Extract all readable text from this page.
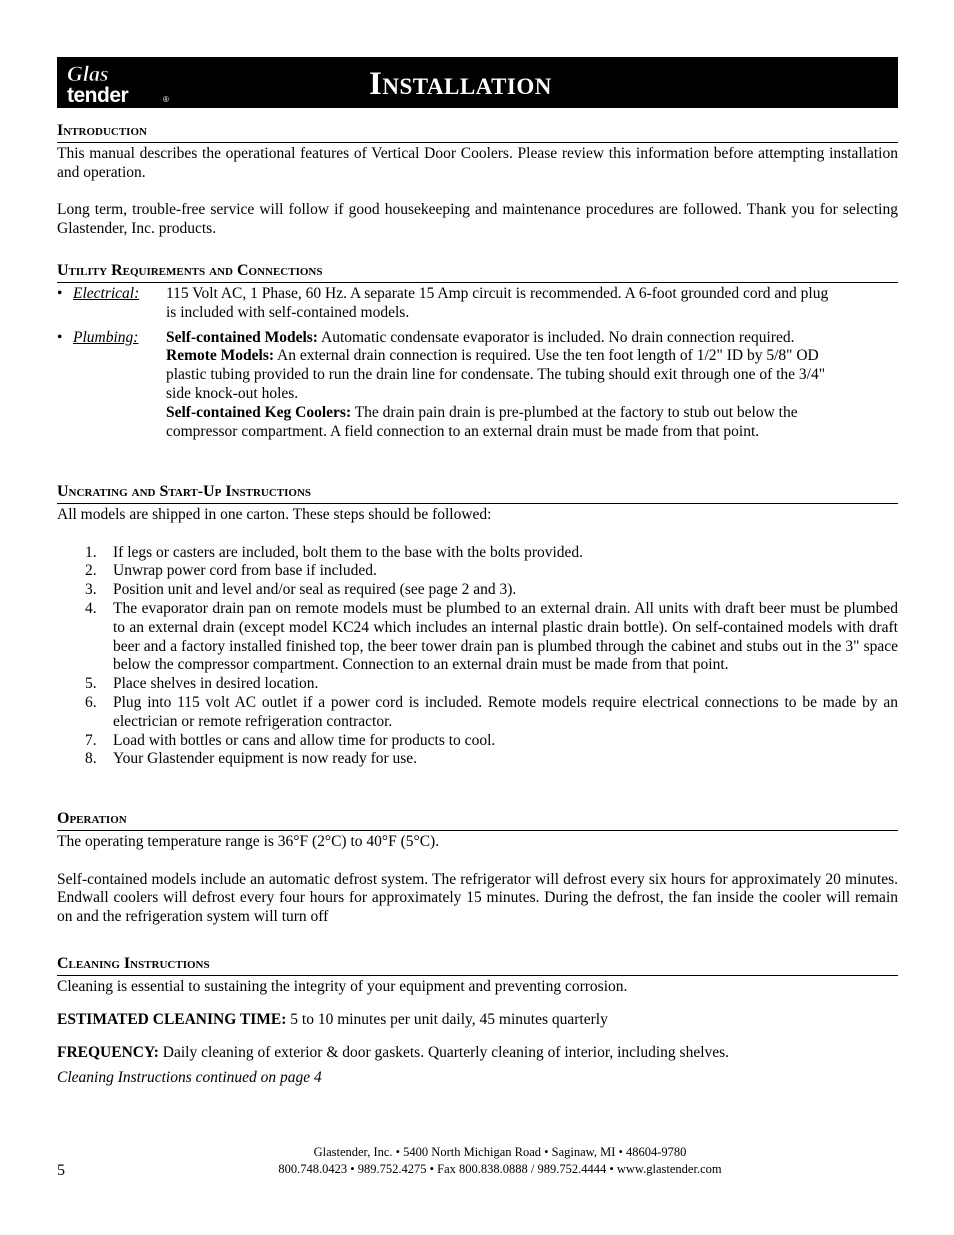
Glas
tender	®	Installation
Introduction

This manual describes the operational features of Vertical Door Coolers. Please review this information before attempting installation and operation.

Long term, trouble-free service will follow if good housekeeping and maintenance procedures are followed. Thank you for selecting Glastender, Inc. products.

Utility Requirements and Connections
• Electrical: 115 Volt AC, 1 Phase, 60 Hz. A separate 15 Amp circuit is recommended. A 6-foot grounded cord and plug is included with self-contained models.
• Plumbing: Self-contained Models: Automatic condensate evaporator is included. No drain connection required.
Remote Models: An external drain connection is required. Use the ten foot length of 1/2" ID by 5/8" OD plastic tubing provided to run the drain line for condensate. The tubing should exit through one of the 3/4" side knock-out holes.
Self-contained Keg Coolers: The drain pain drain is pre-plumbed at the factory to stub out below the compressor compartment. A field connection to an external drain must be made from that point.
Uncrating and Start-Up Instructions

All models are shipped in one carton. These steps should be followed:

1. If legs or casters are included, bolt them to the base with the bolts provided.
2. Unwrap power cord from base if included.
3. Position unit and level and/or seal as required (see page 2 and 3).
4. The evaporator drain pan on remote models must be plumbed to an external drain. All units with draft beer must be plumbed to an external drain (except model KC24 which includes an internal plastic drain bottle). On self-contained models with draft beer and a factory installed finished top, the beer tower drain pan is plumbed through the cabinet and stubs out in the 3" space below the compressor compartment. Connection to an external drain must be made from that point.
5. Place shelves in desired location.
6. Plug into 115 volt AC outlet if a power cord is included. Remote models require electrical connections to be made by an electrician or remote refrigeration contractor.
7. Load with bottles or cans and allow time for products to cool.
8. Your Glastender equipment is now ready for use.
Operation

The operating temperature range is 36°F (2°C) to 40°F (5°C).

Self-contained models include an automatic defrost system. The refrigerator will defrost every six hours for approximately 20 minutes. Endwall coolers will defrost every four hours for approximately 15 minutes. During the defrost, the fan inside the cooler will remain on and the refrigeration system will turn off

Cleaning Instructions

Cleaning is essential to sustaining the integrity of your equipment and preventing corrosion.

ESTIMATED CLEANING TIME: 5 to 10 minutes per unit daily, 45 minutes quarterly

FREQUENCY: Daily cleaning of exterior & door gaskets. Quarterly cleaning of interior, including shelves.

Cleaning Instructions continued on page 4
Glastender, Inc. • 5400 North Michigan Road • Saginaw, MI • 48604-9780
800.748.0423 • 989.752.4275 • Fax 800.838.0888 / 989.752.4444 • www.glastender.com
5
